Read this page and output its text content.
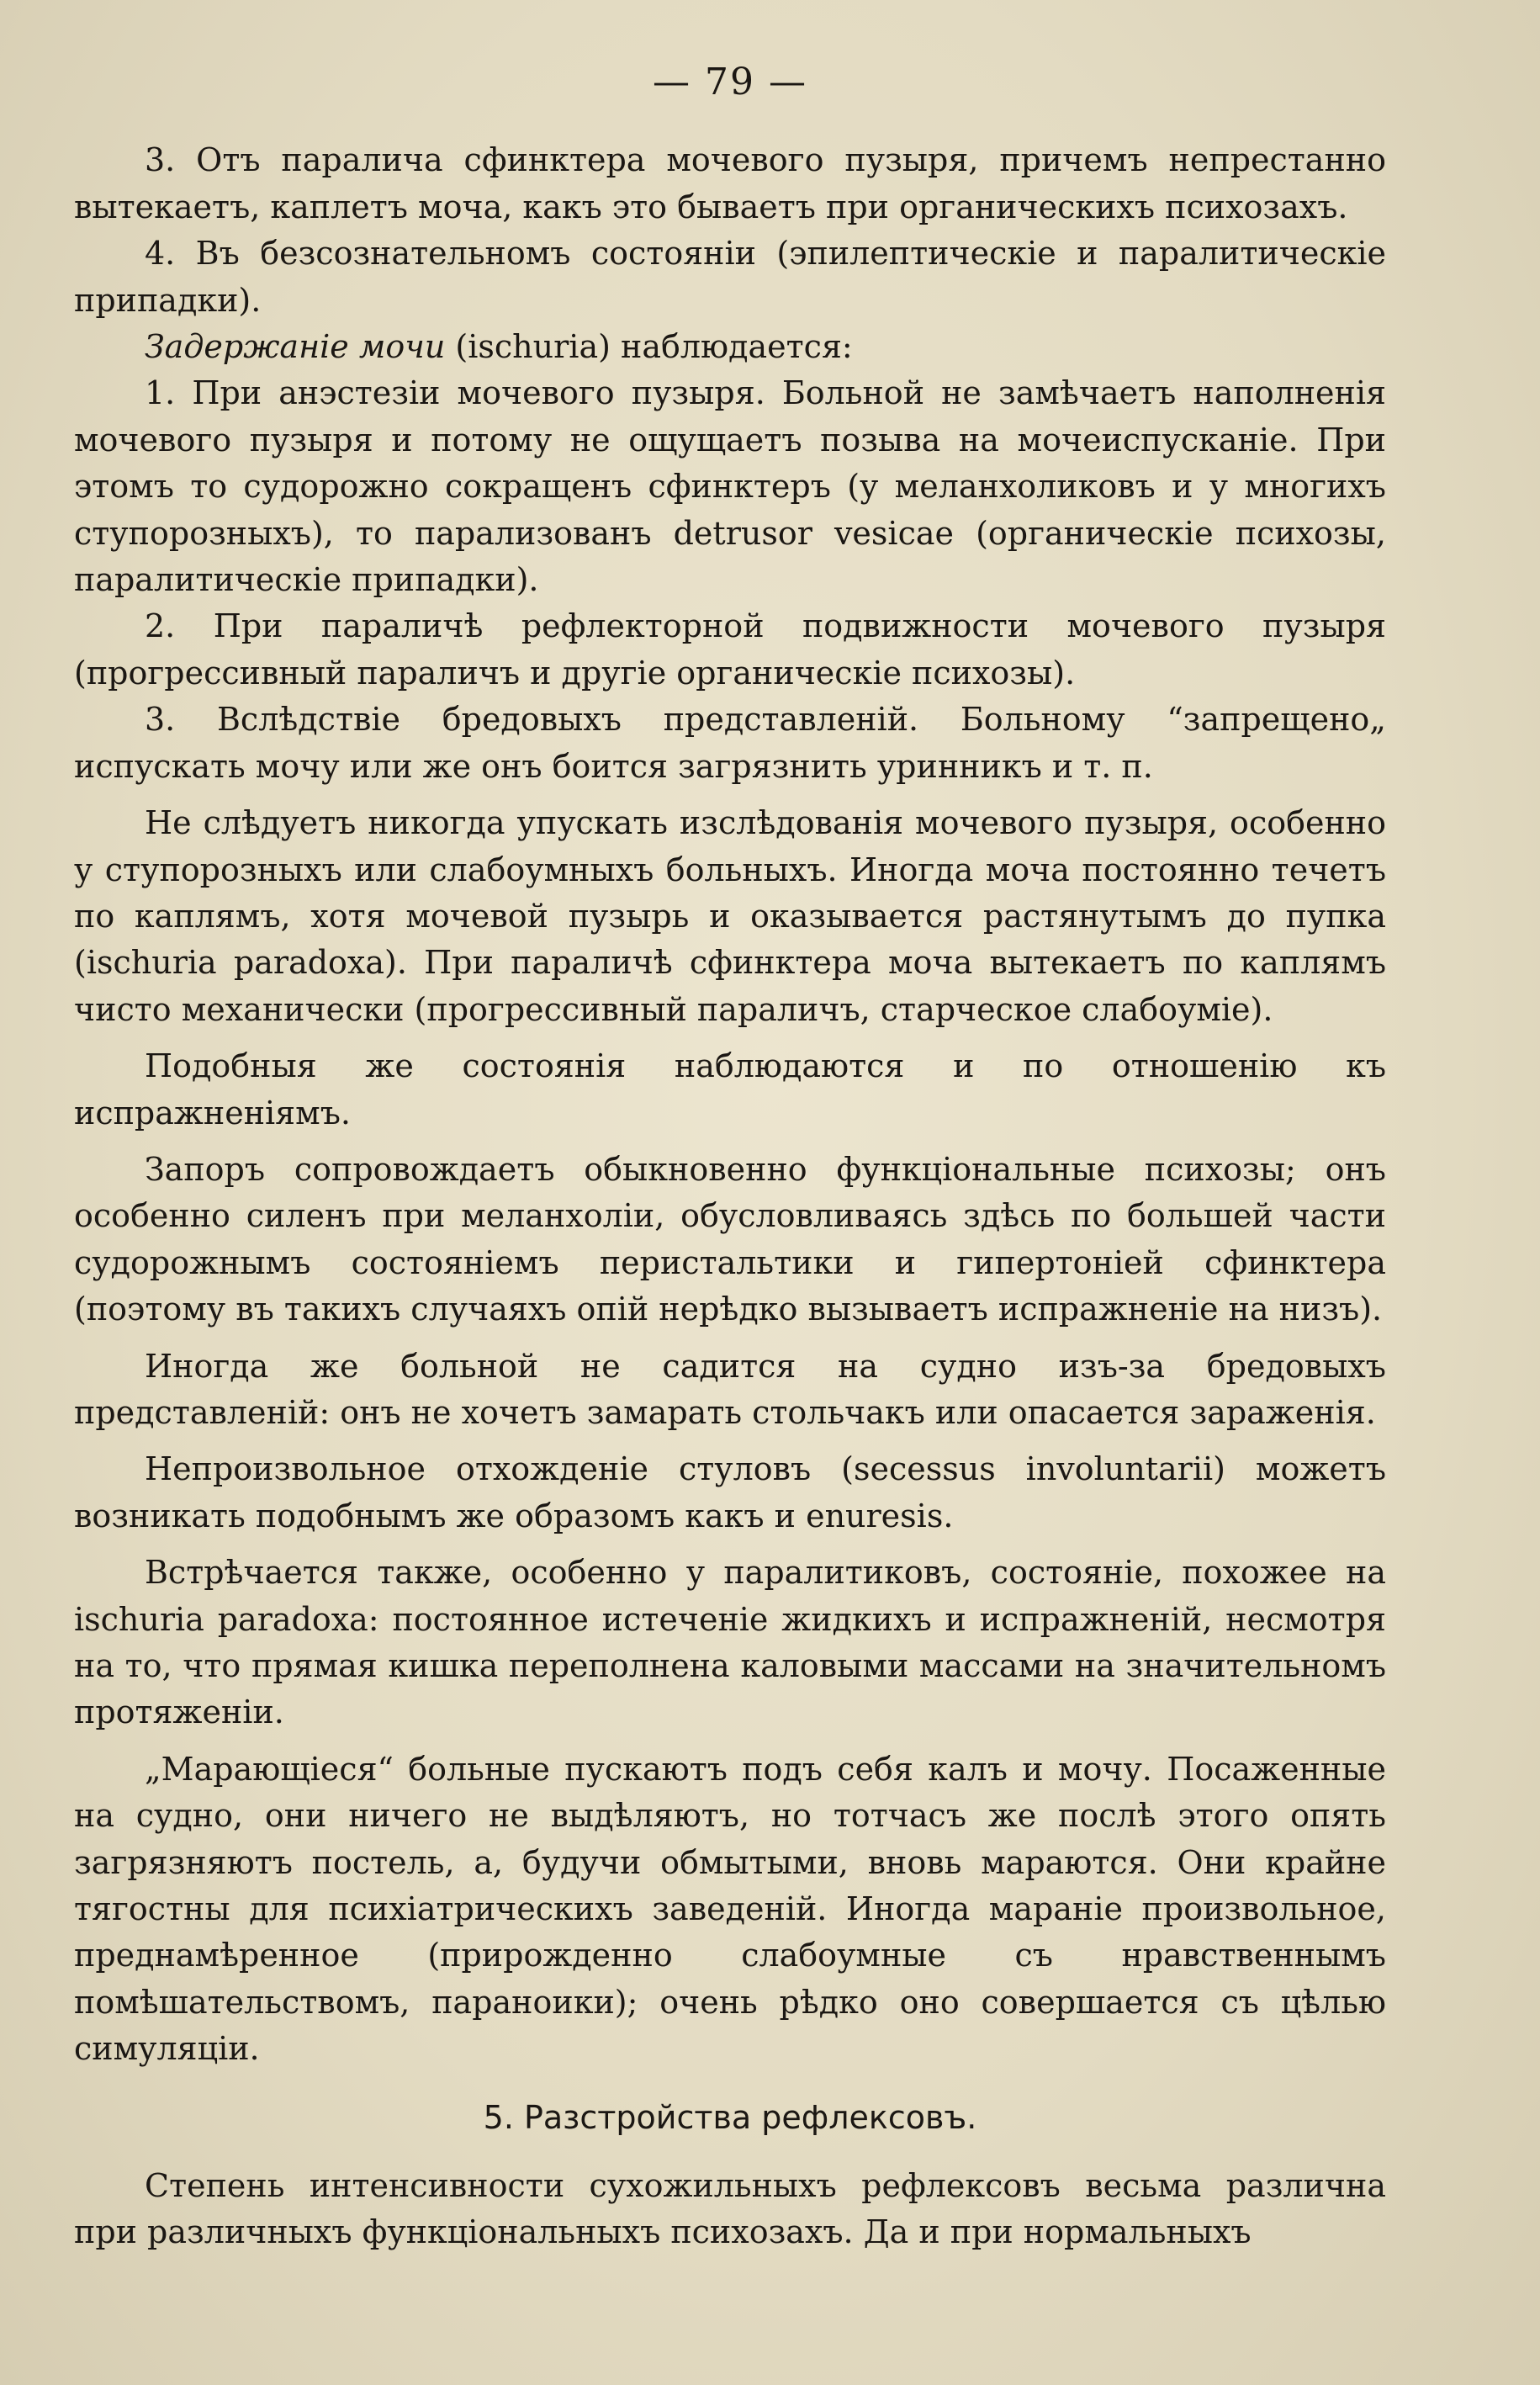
— 79 —

3. Отъ паралича сфинктера мочевого пузыря, причемъ непрестанно вытекаетъ, каплетъ моча, какъ это бываетъ при органическихъ психозахъ.

4. Въ безсознательномъ состоянiи (эпилептическiе и паралитическiе припадки).

Задержанiе мочи (ischuria) наблюдается:

1. При анэстезiи мочевого пузыря. Больной не замѣчаетъ наполненiя мочевого пузыря и потому не ощущаетъ позыва на мочеиспусканiе. При этомъ то судорожно сокращенъ сфинктеръ (у меланхоликовъ и у многихъ ступорозныхъ), то парализованъ detrusor vesicae (органическiе психозы, паралитическiе припадки).

2. При параличѣ рефлекторной подвижности мочевого пузыря (прогрессивный параличъ и другiе органическiе психозы).

3. Вслѣдствiе бредовыхъ представленiй. Больному “запрещено„ испускать мочу или же онъ боится загрязнить уринникъ и т. п.

Не слѣдуетъ никогда упускать изслѣдованiя мочевого пузыря, особенно у ступорозныхъ или слабоумныхъ больныхъ. Иногда моча постоянно течетъ по каплямъ, хотя мочевой пузырь и оказывается растянутымъ до пупка (ischuria paradoxa). При параличѣ сфинктера моча вытекаетъ по каплямъ чисто механически (прогрессивный параличъ, старческое слабоумiе).

Подобныя же состоянiя наблюдаются и по отношенiю къ испражненiямъ.

Запоръ сопровождаетъ обыкновенно функцiональные психозы; онъ особенно силенъ при меланхолiи, обусловливаясь здѣсь по большей части судорожнымъ состоянiемъ перистальтики и гипертонiей сфинктера (поэтому въ такихъ случаяхъ опiй нерѣдко вызываетъ испражненiе на низъ).

Иногда же больной не садится на судно изъ-за бредовыхъ представленiй: онъ не хочетъ замарать стольчакъ или опасается зараженiя.

Непроизвольное отхожденiе стуловъ (secessus involuntarii) можетъ возникать подобнымъ же образомъ какъ и enuresis.

Встрѣчается также, особенно у паралитиковъ, состоянiе, похожее на ischuria paradoxa: постоянное истеченiе жидкихъ и испражненiй, несмотря на то, что прямая кишка переполнена каловыми массами на значительномъ протяженiи.

„Марающiеся“ больные пускаютъ подъ себя калъ и мочу. Посаженные на судно, они ничего не выдѣляютъ, но тотчасъ же послѣ этого опять загрязняютъ постель, а, будучи обмытыми, вновь мараются. Они крайне тягостны для психiатрическихъ заведенiй. Иногда маранiе произвольное, преднамѣренное (прирожденно слабоумные съ нравственнымъ помѣшательствомъ, параноики); очень рѣдко оно совершается съ цѣлью симуляцiи.

5. Разстройства рефлексовъ.

Степень интенсивности сухожильныхъ рефлексовъ весьма различна при различныхъ функцiональныхъ психозахъ. Да и при нормальныхъ
